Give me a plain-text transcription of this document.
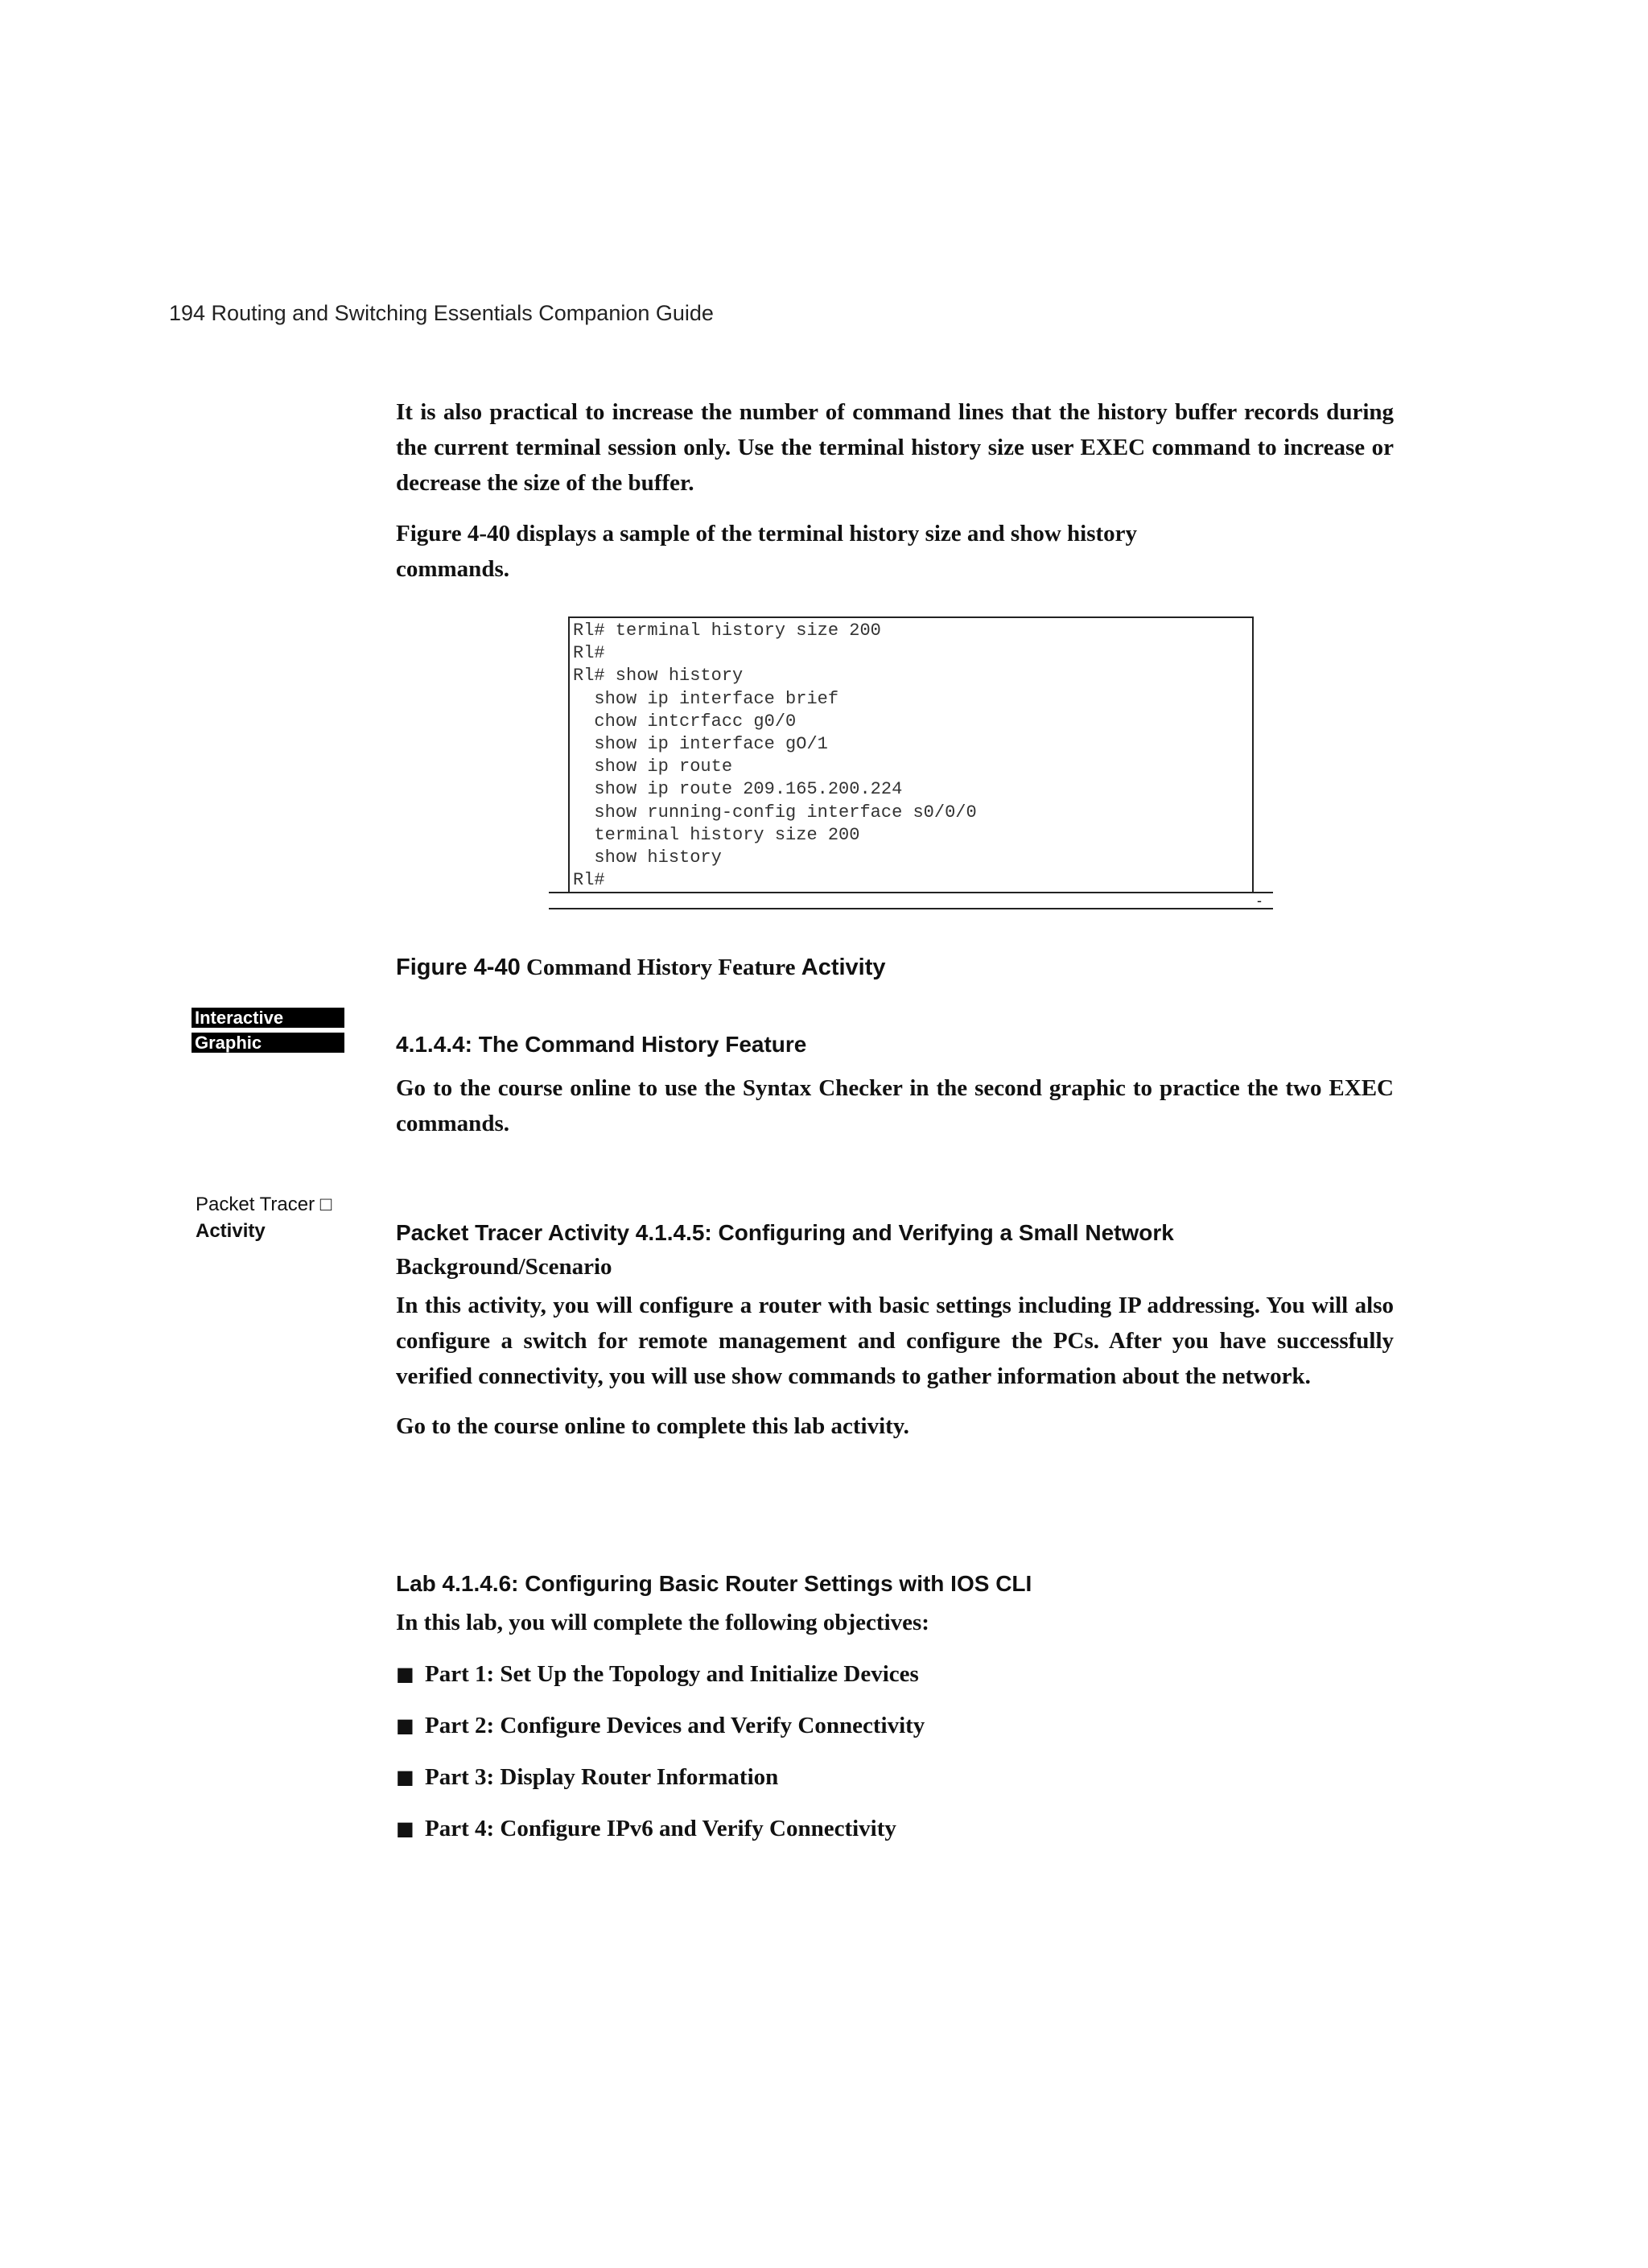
194 Routing and Switching Essentials Companion Guide

It is also practical to increase the number of command lines that the history buffer records during the current terminal session only. Use the terminal history size user EXEC command to increase or decrease the size of the buffer.

Figure 4-40 displays a sample of the terminal history size and show history commands.

Rl# terminal history size 200
Rl#
Rl# show history
show ip interface brief
chow intcrfacc g0/0
show ip interface gO/1
show ip route
show ip route 209.165.200.224
show running-config interface s0/0/0
terminal history size 200
show history
Rl#
-
Figure 4-40 Command History Feature Activity
Interactive
Graphic	4.1.4.4: The Command History Feature

Go to the course online to use the Syntax Checker in the second graphic to practice the two EXEC commands.

Packet Tracer □
Activity	Packet Tracer Activity 4.1.4.5: Configuring and Verifying a Small Network
Background/Scenario

In this activity, you will configure a router with basic settings including IP addressing. You will also configure a switch for remote management and configure the PCs. After you have successfully verified connectivity, you will use show commands to gather information about the network.

Go to the course online to complete this lab activity.

Lab 4.1.4.6: Configuring Basic Router Settings with IOS CLI

In this lab, you will complete the following objectives:

■ Part 1: Set Up the Topology and Initialize Devices
■ Part 2: Configure Devices and Verify Connectivity
■ Part 3: Display Router Information
■ Part 4: Configure IPv6 and Verify Connectivity
